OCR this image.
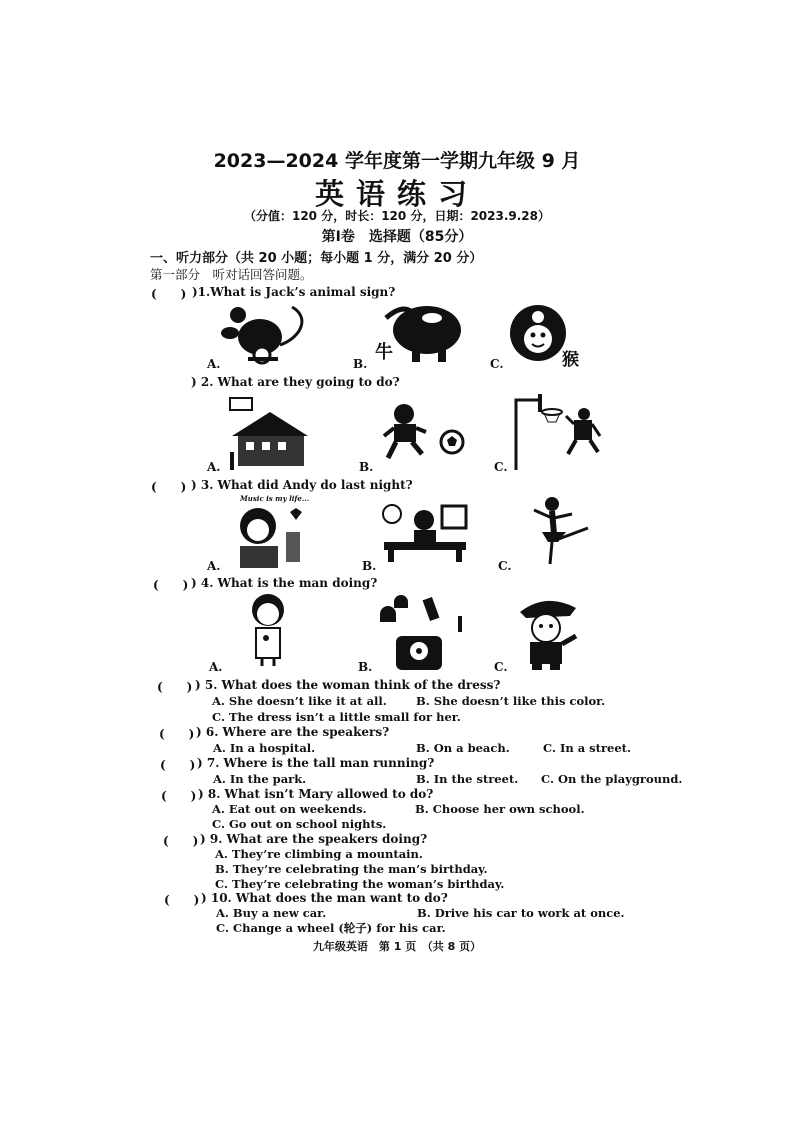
2023—2024 学年度第一学期九年级 9 月
英语练习
（分值：120 分，时长：120 分，日期：2023.9.28）
第Ⅰ卷　选择题（85分）
一、听力部分（共 20 小题；每小题 1 分，满分 20 分）
第一部分　听对话回答问题。
(　　) )1.What is Jack’s animal sign?
A.	B.	C.
牛	猴
) 2. What are they going to do?
A.	B.	C.
(　　) ) 3. What did Andy do last night?
Music is my life...
A.	B.	C.
(　　) ) 4. What is the man doing?
A.	B.	C.
(　　) ) 5. What does the woman think of the dress?
A. She doesn’t like it at all.	B. She doesn’t like this color.
C. The dress isn’t a little small for her.
(　　) ) 6. Where are the speakers?
A. In a hospital.	B. On a beach.	C. In a street.
(　　) ) 7. Where is the tall man running?
A. In the park.	B. In the street. C. On the playground.
(　　) ) 8. What isn’t Mary allowed to do?
A. Eat out on weekends.	B. Choose her own school.
C. Go out on school nights.
(　　) ) 9. What are the speakers doing?
A. They’re climbing a mountain.
B. They’re celebrating the man’s birthday.
C. They’re celebrating the woman’s birthday.
(　　) ) 10. What does the man want to do?
A. Buy a new car.	B. Drive his car to work at once.
C. Change a wheel (轮子) for his car.
九年级英语　第 1 页　（共 8 页）
